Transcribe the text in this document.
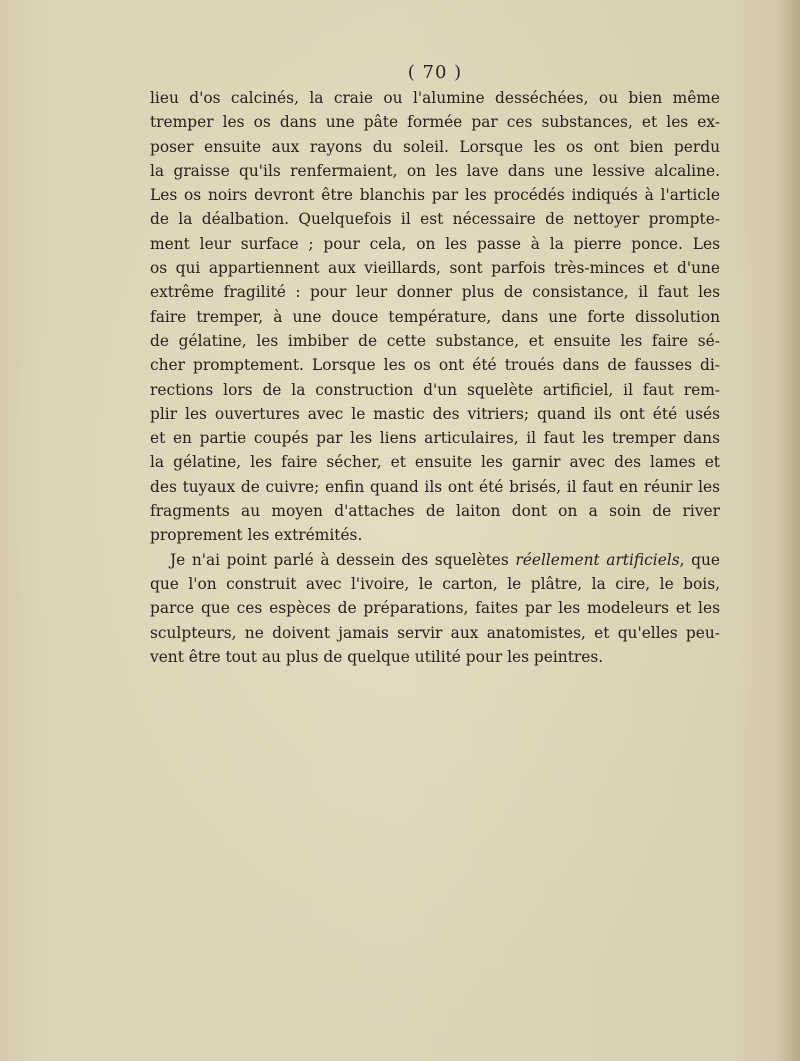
( 70 )
lieu d'os calcinés, la craie ou l'alumine desséchées, ou bien même
tremper les os dans une pâte formée par ces substances, et les ex-
poser ensuite aux rayons du soleil. Lorsque les os ont bien perdu
la graisse qu'ils renfermaient, on les lave dans une lessive alcaline.
Les os noirs devront être blanchis par les procédés indiqués à l'article
de la déalbation. Quelquefois il est nécessaire de nettoyer prompte-
ment leur surface ; pour cela, on les passe à la pierre ponce. Les
os qui appartiennent aux vieillards, sont parfois très-minces et d'une
extrême fragilité : pour leur donner plus de consistance, il faut les
faire tremper, à une douce température, dans une forte dissolution
de gélatine, les imbiber de cette substance, et ensuite les faire sé-
cher promptement. Lorsque les os ont été troués dans de fausses di-
rections lors de la construction d'un squelète artificiel, il faut rem-
plir les ouvertures avec le mastic des vitriers; quand ils ont été usés
et en partie coupés par les liens articulaires, il faut les tremper dans
la gélatine, les faire sécher, et ensuite les garnir avec des lames et
des tuyaux de cuivre; enfin quand ils ont été brisés, il faut en réunir les
fragments au moyen d'attaches de laiton dont on a soin de river
proprement les extrémités.
Je n'ai point parlé à dessein des squelètes réellement artificiels, que
que l'on construit avec l'ivoire, le carton, le plâtre, la cire, le bois,
parce que ces espèces de préparations, faites par les modeleurs et les
sculpteurs, ne doivent jamais servir aux anatomistes, et qu'elles peu-
vent être tout au plus de quelque utilité pour les peintres.
